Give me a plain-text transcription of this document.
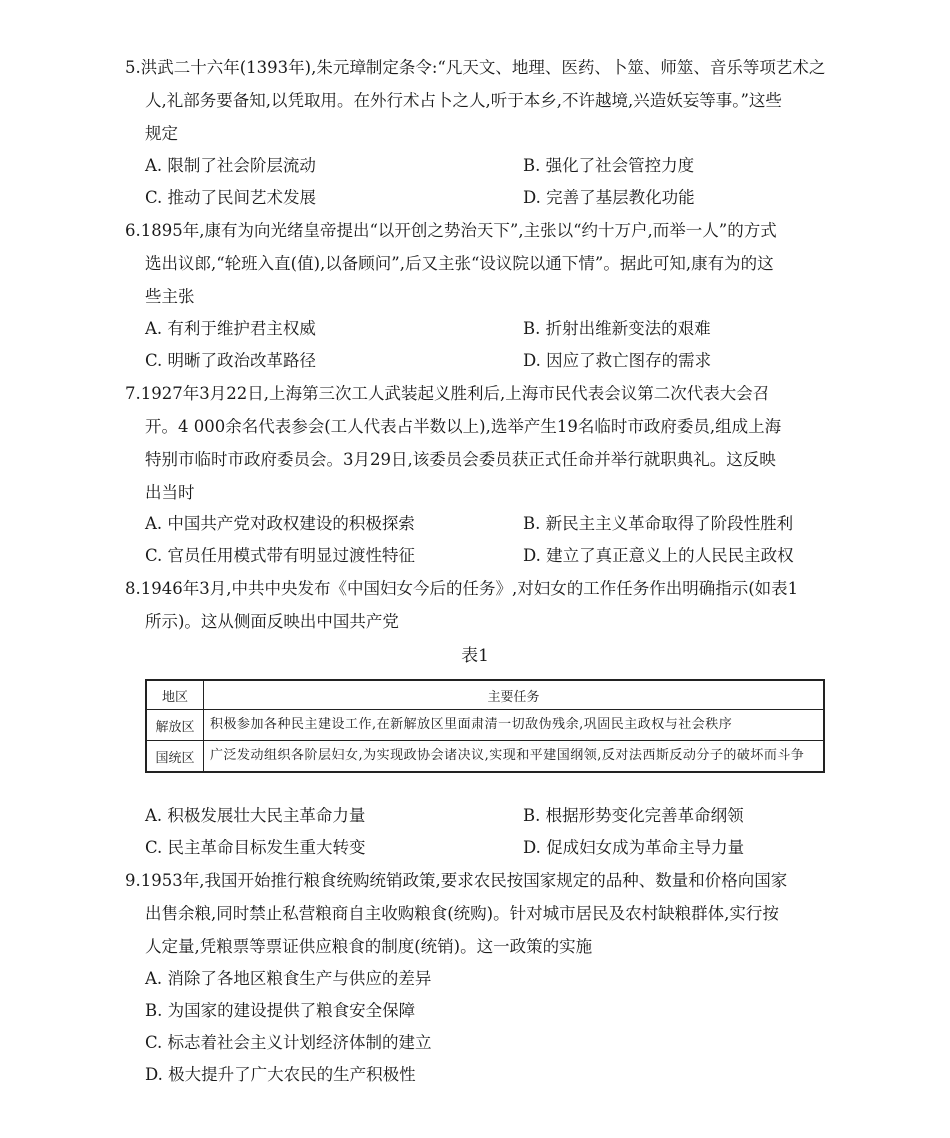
5.洪武二十六年(1393年),朱元璋制定条令:“凡天文、地理、医药、卜筮、师筮、音乐等项艺术之
人,礼部务要备知,以凭取用。在外行术占卜之人,听于本乡,不许越境,兴造妖妄等事。”这些
规定
A. 限制了社会阶层流动	B. 强化了社会管控力度
C. 推动了民间艺术发展	D. 完善了基层教化功能
6.1895年,康有为向光绪皇帝提出“以开创之势治天下”,主张以“约十万户,而举一人”的方式
选出议郎,“轮班入直(值),以备顾问”,后又主张“设议院以通下情”。据此可知,康有为的这
些主张
A. 有利于维护君主权威	B. 折射出维新变法的艰难
C. 明晰了政治改革路径	D. 因应了救亡图存的需求
7.1927年3月22日,上海第三次工人武装起义胜利后,上海市民代表会议第二次代表大会召
开。4 000余名代表参会(工人代表占半数以上),选举产生19名临时市政府委员,组成上海
特别市临时市政府委员会。3月29日,该委员会委员获正式任命并举行就职典礼。这反映
出当时
A. 中国共产党对政权建设的积极探索	B. 新民主主义革命取得了阶段性胜利
C. 官员任用模式带有明显过渡性特征	D. 建立了真正意义上的人民民主政权
8.1946年3月,中共中央发布《中国妇女今后的任务》,对妇女的工作任务作出明确指示(如表1
所示)。这从侧面反映出中国共产党
表1
地区	主要任务
解放区	积极参加各种民主建设工作,在新解放区里面肃清一切敌伪残余,巩固民主政权与社会秩序
国统区	广泛发动组织各阶层妇女,为实现政协会诸决议,实现和平建国纲领,反对法西斯反动分子的破坏而斗争
A. 积极发展壮大民主革命力量	B. 根据形势变化完善革命纲领
C. 民主革命目标发生重大转变	D. 促成妇女成为革命主导力量
9.1953年,我国开始推行粮食统购统销政策,要求农民按国家规定的品种、数量和价格向国家
出售余粮,同时禁止私营粮商自主收购粮食(统购)。针对城市居民及农村缺粮群体,实行按
人定量,凭粮票等票证供应粮食的制度(统销)。这一政策的实施
A. 消除了各地区粮食生产与供应的差异
B. 为国家的建设提供了粮食安全保障
C. 标志着社会主义计划经济体制的建立
D. 极大提升了广大农民的生产积极性
